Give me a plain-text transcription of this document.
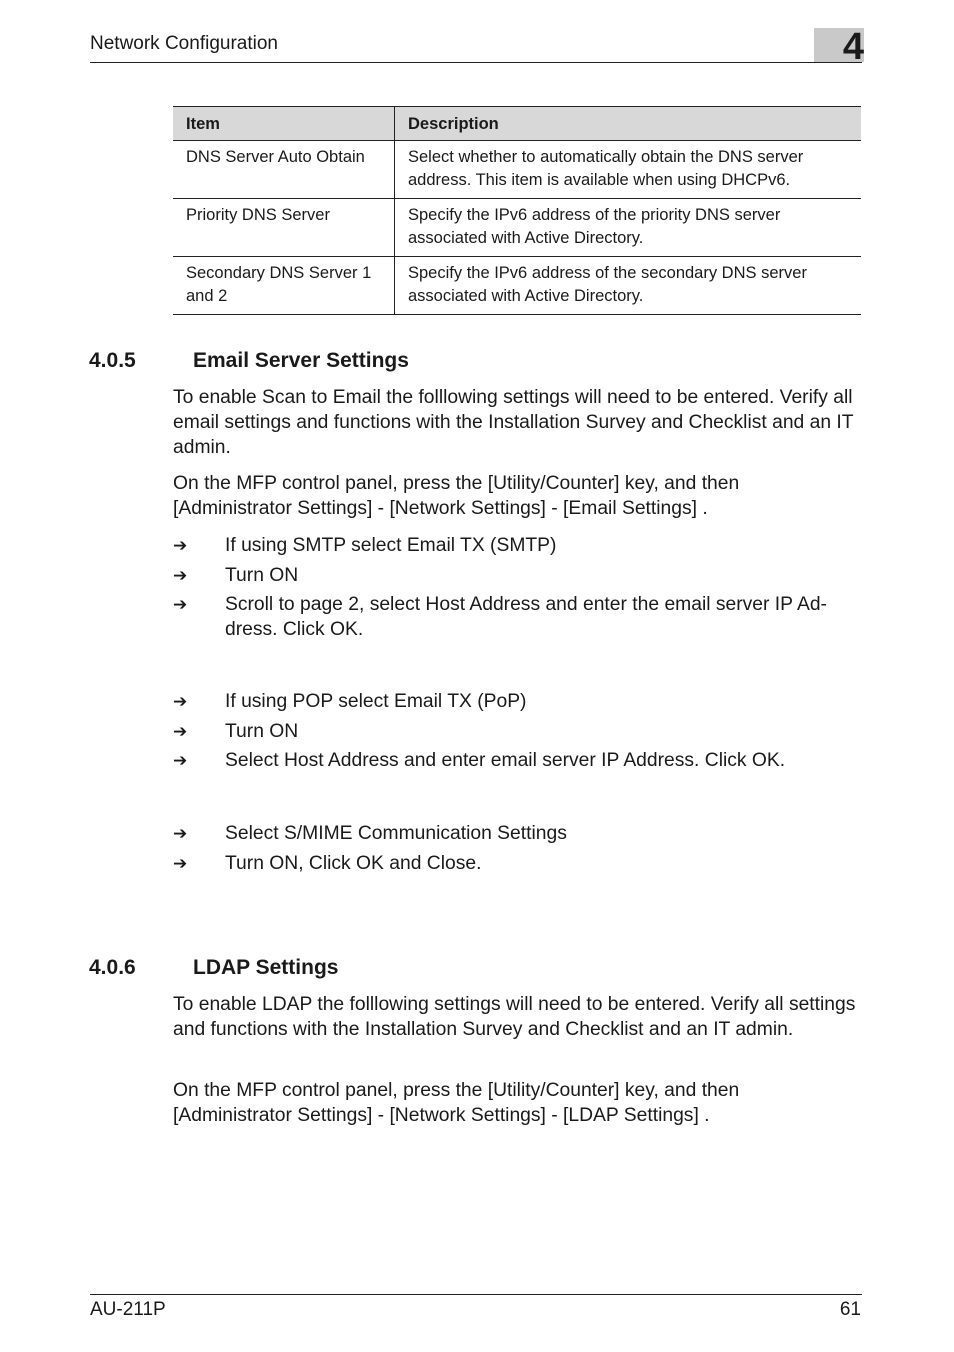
Network Configuration	4
Item	Description
DNS Server Auto Obtain	Select whether to automatically obtain the DNS server address. This item is available when using DHCPv6.
Priority DNS Server	Specify the IPv6 address of the priority DNS server associated with Active Directory.
Secondary DNS Server 1 and 2	Specify the IPv6 address of the secondary DNS server associated with Active Directory.
4.0.5	Email Server Settings
To enable Scan to Email the folllowing settings will need to be entered. Verify all email settings and functions with the Installation Survey and Checklist and an IT admin.
On the MFP control panel, press the [Utility/Counter] key, and then [Administrator Settings] - [Network Settings] - [Email Settings] .
➔ If using SMTP select Email TX (SMTP)
➔ Turn ON
➔ Scroll to page 2, select Host Address and enter the email server IP Ad-dress. Click OK.
➔ If using POP select Email TX (PoP)
➔ Turn ON
➔ Select Host Address and enter email server IP Address. Click OK.
➔ Select S/MIME Communication Settings
➔ Turn ON, Click OK and Close.
4.0.6	LDAP Settings
To enable LDAP the folllowing settings will need to be entered. Verify all settings and functions with the Installation Survey and Checklist and an IT admin.
On the MFP control panel, press the [Utility/Counter] key, and then [Administrator Settings] - [Network Settings] - [LDAP Settings] .
AU-211P	61
